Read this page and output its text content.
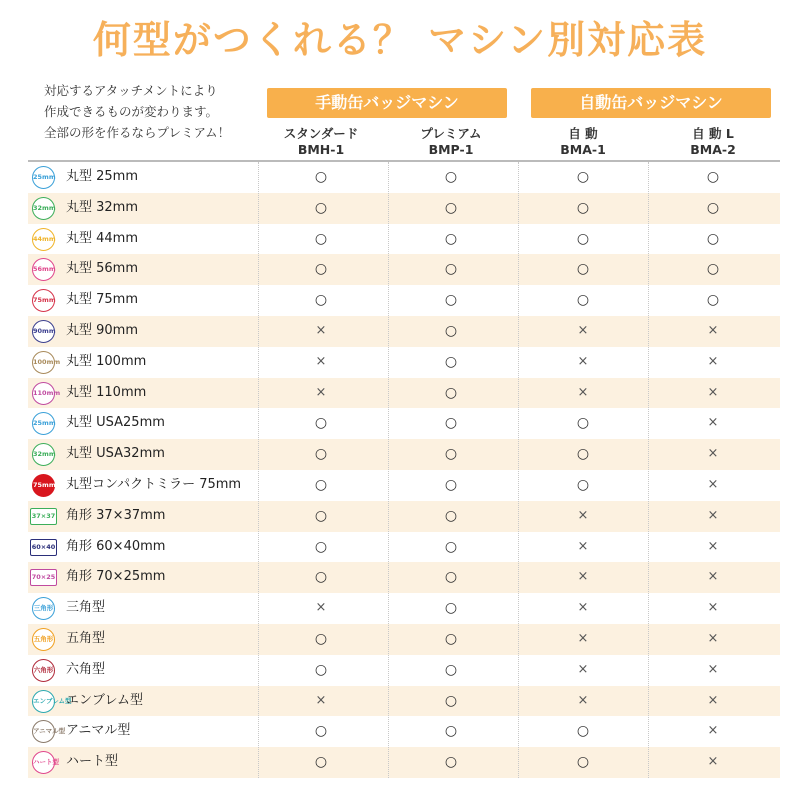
何型がつくれる？ マシン別対応表
対応するアタッチメントにより
作成できるものが変わります。
全部の形を作るならプレミアム！
手動缶バッジマシン	自動缶バッジマシン
スタンダード
BMH-1
プレミアム
BMP-1
自 動
BMA-1
自 動 L
BMA-2
25mm 丸型 25mm	○	○	○	○
32mm 丸型 32mm	○	○	○	○
44mm 丸型 44mm	○	○	○	○
56mm 丸型 56mm	○	○	○	○
75mm 丸型 75mm	○	○	○	○
90mm 丸型 90mm	×	○	×	×
100mm 丸型 100mm	×	○	×	×
110mm 丸型 110mm	×	○	×	×
25mm 丸型 USA25mm	○	○	○	×
32mm 丸型 USA32mm	○	○	○	×
75mm 丸型コンパクトミラー 75mm	○	○	○	×
37×37 角形 37×37mm	○	○	×	×
60×40 角形 60×40mm	○	○	×	×
70×25 角形 70×25mm	○	○	×	×
三角形 三角型	×	○	×	×
五角形 五角型	○	○	×	×
六角形 六角型	○	○	×	×
エンブレム型
エンブレム型	×	○	×	×
アニマル型 アニマル型	○	○	○	×
ハート型 ハート型	○	○	○	×
